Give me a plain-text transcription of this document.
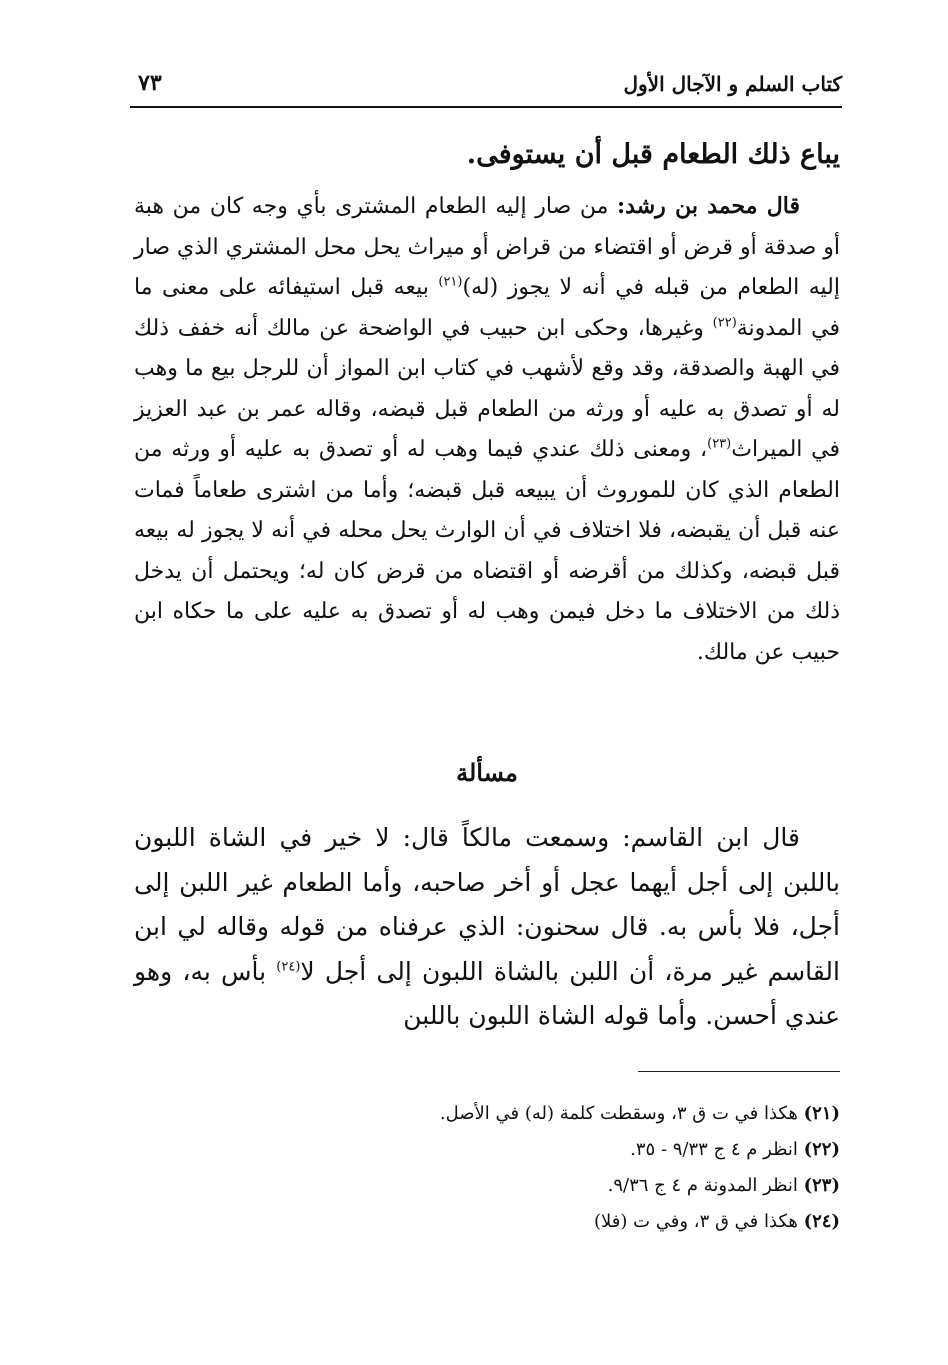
كتاب السلم و الآجال الأول
٧٣
يباع ذلك الطعام قبل أن يستوفى.
قال محمد بن رشد: من صار إليه الطعام المشترى بأي وجه كان من هبة أو صدقة أو قرض أو اقتضاء من قراض أو ميراث يحل محل المشتري الذي صار إليه الطعام من قبله في أنه لا يجوز (له)$^{(٢١)}$ بيعه قبل استيفائه على معنى ما في المدونة$^{(٢٢)}$ وغيرها، وحكى ابن حبيب في الواضحة عن مالك أنه خفف ذلك في الهبة والصدقة، وقد وقع لأشهب في كتاب ابن المواز أن للرجل بيع ما وهب له أو تصدق به عليه أو ورثه من الطعام قبل قبضه، وقاله عمر بن عبد العزيز في الميراث$^{(٢٣)}$، ومعنى ذلك عندي فيما وهب له أو تصدق به عليه أو ورثه من الطعام الذي كان للموروث أن يبيعه قبل قبضه؛ وأما من اشترى طعاماً فمات عنه قبل أن يقبضه، فلا اختلاف في أن الوارث يحل محله في أنه لا يجوز له بيعه قبل قبضه، وكذلك من أقرضه أو اقتضاه من قرض كان له؛ ويحتمل أن يدخل ذلك من الاختلاف ما دخل فيمن وهب له أو تصدق به عليه على ما حكاه ابن حبيب عن مالك.
مسألة
قال ابن القاسم: وسمعت مالكاً قال: لا خير في الشاة اللبون باللبن إلى أجل أيهما عجل أو أخر صاحبه، وأما الطعام غير اللبن إلى أجل، فلا بأس به. قال سحنون: الذي عرفناه من قوله وقاله لي ابن القاسم غير مرة، أن اللبن بالشاة اللبون إلى أجل لا$^{(٢٤)}$ بأس به، وهو عندي أحسن. وأما قوله الشاة اللبون باللبن
(٢١) هكذا في ت ق ٣، وسقطت كلمة (له) في الأصل.
(٢٢) انظر م ٤ ج ٩/٣٣ - ٣٥.
(٢٣) انظر المدونة م ٤ ج ٩/٣٦.
(٢٤) هكذا في ق ٣، وفي ت (فلا)
